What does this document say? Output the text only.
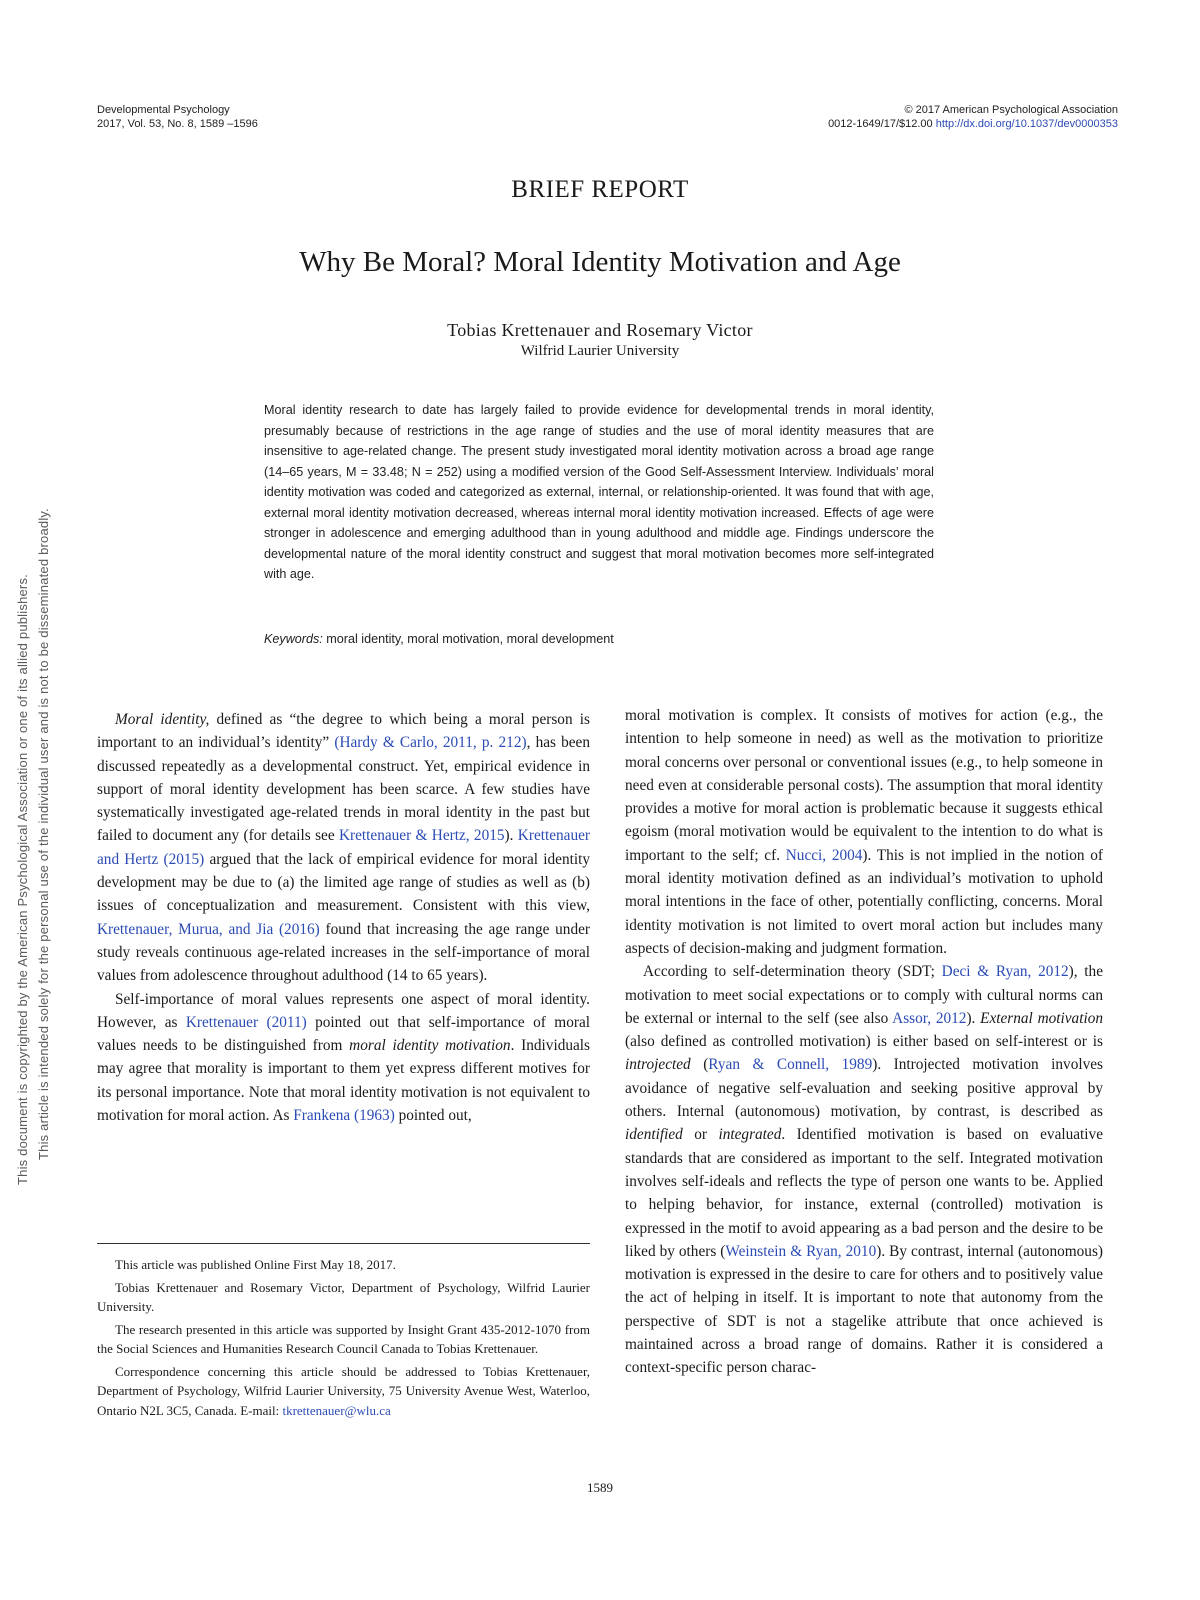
Developmental Psychology
2017, Vol. 53, No. 8, 1589 –1596
© 2017 American Psychological Association
0012-1649/17/$12.00 http://dx.doi.org/10.1037/dev0000353
This document is copyrighted by the American Psychological Association or one of its allied publishers. This article is intended solely for the personal use of the individual user and is not to be disseminated broadly.
BRIEF REPORT
Why Be Moral? Moral Identity Motivation and Age
Tobias Krettenauer and Rosemary Victor
Wilfrid Laurier University
Moral identity research to date has largely failed to provide evidence for developmental trends in moral identity, presumably because of restrictions in the age range of studies and the use of moral identity measures that are insensitive to age-related change. The present study investigated moral identity motivation across a broad age range (14–65 years, M = 33.48; N = 252) using a modified version of the Good Self-Assessment Interview. Individuals’ moral identity motivation was coded and categorized as external, internal, or relationship-oriented. It was found that with age, external moral identity motivation decreased, whereas internal moral identity motivation increased. Effects of age were stronger in adolescence and emerging adulthood than in young adulthood and middle age. Findings underscore the developmental nature of the moral identity construct and suggest that moral motivation becomes more self-integrated with age.
Keywords: moral identity, moral motivation, moral development

Moral identity, defined as “the degree to which being a moral person is important to an individual’s identity” (Hardy & Carlo, 2011, p. 212), has been discussed repeatedly as a developmental construct. Yet, empirical evidence in support of moral identity development has been scarce. A few studies have systematically investigated age-related trends in moral identity in the past but failed to document any (for details see Krettenauer & Hertz, 2015). Krettenauer and Hertz (2015) argued that the lack of empirical evidence for moral identity development may be due to (a) the limited age range of studies as well as (b) issues of conceptualization and measurement. Consistent with this view, Krettenauer, Murua, and Jia (2016) found that increasing the age range under study reveals continuous age-related increases in the self-importance of moral values from adolescence throughout adulthood (14 to 65 years).

Self-importance of moral values represents one aspect of moral identity. However, as Krettenauer (2011) pointed out that self-importance of moral values needs to be distinguished from moral identity motivation. Individuals may agree that morality is important to them yet express different motives for its personal importance. Note that moral identity motivation is not equivalent to motivation for moral action. As Frankena (1963) pointed out,

moral motivation is complex. It consists of motives for action (e.g., the intention to help someone in need) as well as the motivation to prioritize moral concerns over personal or conventional issues (e.g., to help someone in need even at considerable personal costs). The assumption that moral identity provides a motive for moral action is problematic because it suggests ethical egoism (moral motivation would be equivalent to the intention to do what is important to the self; cf. Nucci, 2004). This is not implied in the notion of moral identity motivation defined as an individual’s motivation to uphold moral intentions in the face of other, potentially conflicting, concerns. Moral identity motivation is not limited to overt moral action but includes many aspects of decision-making and judgment formation.

According to self-determination theory (SDT; Deci & Ryan, 2012), the motivation to meet social expectations or to comply with cultural norms can be external or internal to the self (see also Assor, 2012). External motivation (also defined as controlled motivation) is either based on self-interest or is introjected (Ryan & Connell, 1989). Introjected motivation involves avoidance of negative self-evaluation and seeking positive approval by others. Internal (autonomous) motivation, by contrast, is described as identified or integrated. Identified motivation is based on evaluative standards that are considered as important to the self. Integrated motivation involves self-ideals and reflects the type of person one wants to be. Applied to helping behavior, for instance, external (controlled) motivation is expressed in the motif to avoid appearing as a bad person and the desire to be liked by others (Weinstein & Ryan, 2010). By contrast, internal (autonomous) motivation is expressed in the desire to care for others and to positively value the act of helping in itself. It is important to note that autonomy from the perspective of SDT is not a stagelike attribute that once achieved is maintained across a broad range of domains. Rather it is considered a context-specific person charac-

This article was published Online First May 18, 2017.

Tobias Krettenauer and Rosemary Victor, Department of Psychology, Wilfrid Laurier University.

The research presented in this article was supported by Insight Grant 435-2012-1070 from the Social Sciences and Humanities Research Council Canada to Tobias Krettenauer.

Correspondence concerning this article should be addressed to Tobias Krettenauer, Department of Psychology, Wilfrid Laurier University, 75 University Avenue West, Waterloo, Ontario N2L 3C5, Canada. E-mail: tkrettenauer@wlu.ca

1589
